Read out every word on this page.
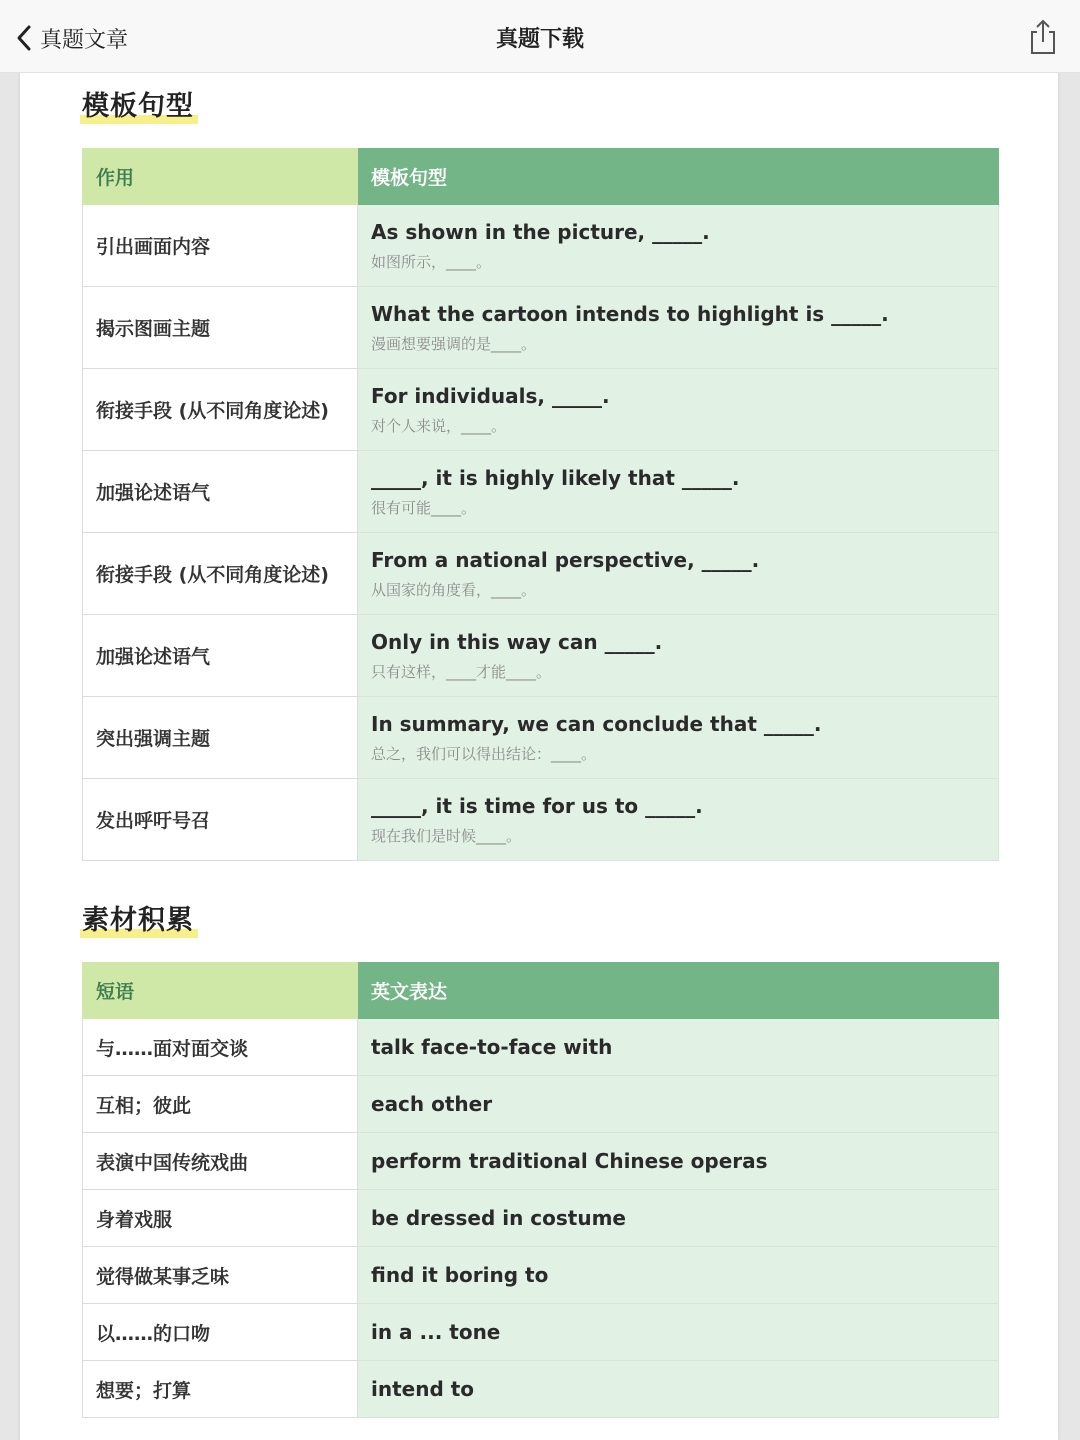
真题文章	真题下载
模板句型
作用	模板句型
引出画面内容	As shown in the picture, _____.
如图所示，____。

揭示图画主题	What the cartoon intends to highlight is _____.
漫画想要强调的是____。

衔接手段 (从不同角度论述)	For individuals, _____.
对个人来说，____。

加强论述语气	_____, it is highly likely that _____.
很有可能____。

衔接手段 (从不同角度论述)	From a national perspective, _____.
从国家的角度看，____。

加强论述语气	Only in this way can _____.
只有这样，____才能____。

突出强调主题	In summary, we can conclude that _____.
总之，我们可以得出结论：____。

发出呼吁号召	_____, it is time for us to _____.
现在我们是时候____。
素材积累
短语	英文表达
与……面对面交谈	talk face-to-face with
互相；彼此	each other
表演中国传统戏曲	perform traditional Chinese operas
身着戏服	be dressed in costume
觉得做某事乏味	find it boring to
以……的口吻	in a ... tone
想要；打算	intend to
